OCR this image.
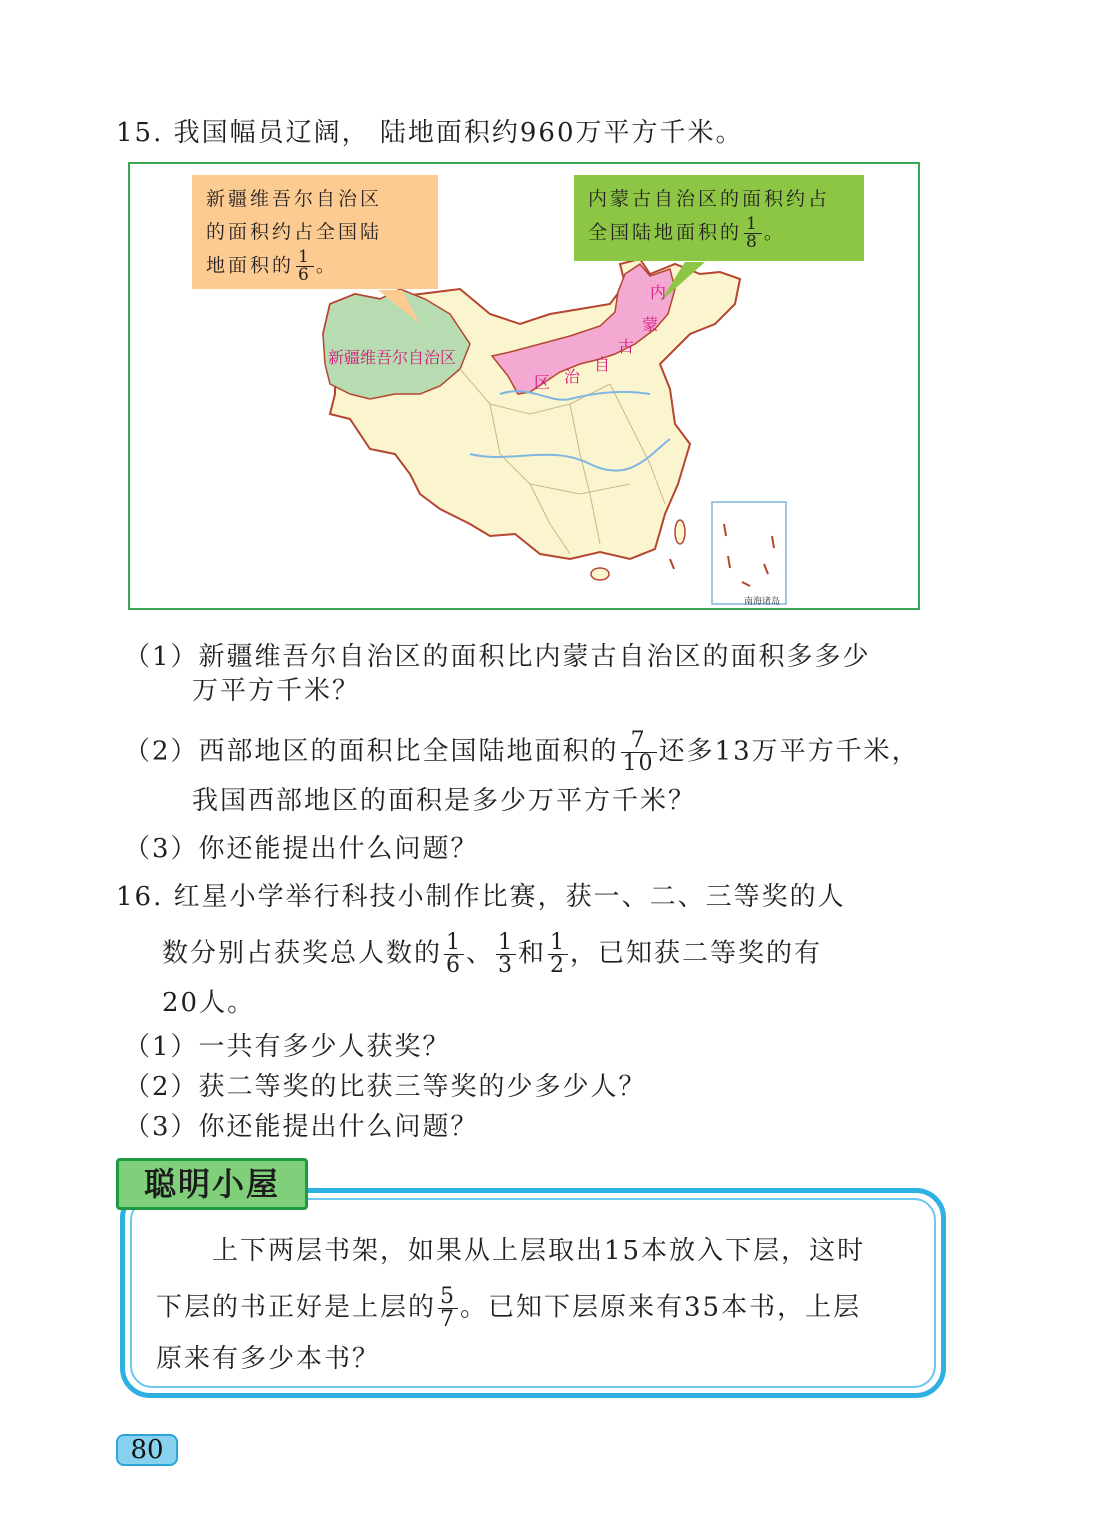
15. 我国幅员辽阔， 陆地面积约960万平方千米。
新疆维吾尔自治区
的面积约占全国陆
地面积的 $\frac{1}{6}$ 。
内蒙古自治区的面积约占
全国陆地面积的 $\frac{1}{8}$ 。
新疆维吾尔自治区
内
蒙
古
自
治
区
南海诸岛
（1）新疆维吾尔自治区的面积比内蒙古自治区的面积多多少
万平方千米？
（2）西部地区的面积比全国陆地面积的 $\frac{7}{10}$ 还多13万平方千米，
我国西部地区的面积是多少万平方千米？
（3）你还能提出什么问题？
16. 红星小学举行科技小制作比赛，获一、二、三等奖的人
数分别占获奖总人数的 $\frac{1}{6}$ 、 $\frac{1}{3}$ 和 $\frac{1}{2}$ ，已知获二等奖的有
20人。
（1）一共有多少人获奖？
（2）获二等奖的比获三等奖的少多少人？
（3）你还能提出什么问题？
聪明小屋
上下两层书架，如果从上层取出15本放入下层，这时
下层的书正好是上层的 $\frac{5}{7}$ 。已知下层原来有35本书，上层
原来有多少本书？
80
